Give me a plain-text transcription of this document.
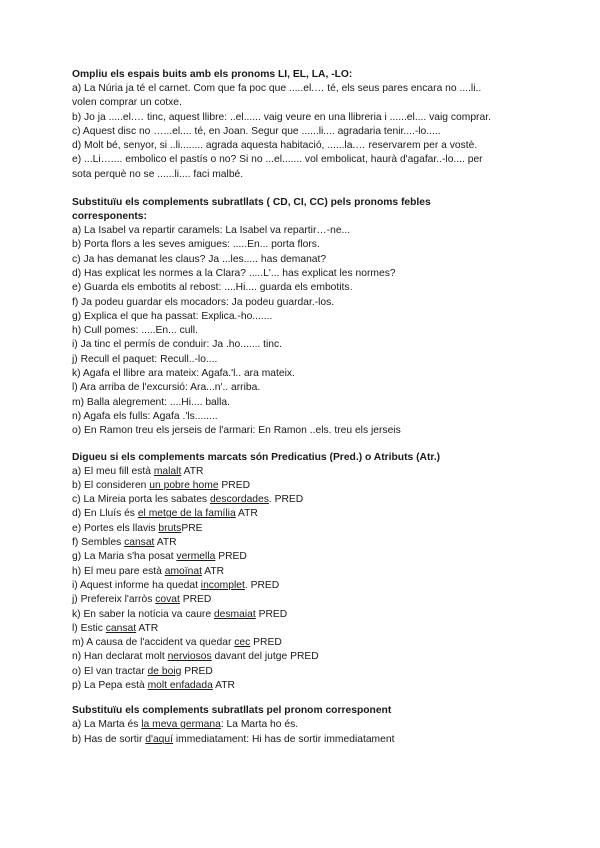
Ompliu els espais buits amb els pronoms LI, EL, LA, -LO:

a) La Núria ja té el carnet. Com que fa poc que .....el.… té, els seus pares encara no ....li..

volen comprar un cotxe.

b) Jo ja .....el.… tinc, aquest llibre: ..el...... vaig veure en una llibreria i ......el.... vaig comprar.

c) Aquest disc no …...el.... té, en Joan. Segur que ......li.... agradaria tenir....-lo.....

d) Molt bé, senyor, si ..li........ agrada aquesta habitació, ......la.… reservarem per a vostè.

e) ...Li….... embolico el pastís o no? Si no ...el....... vol embolicat, haurà d'agafar..-lo.... per

sota perquè no se ......li.... faci malbé.

Substituïu els complements subratllats ( CD, CI, CC) pels pronoms febles

corresponents:

a) La Isabel va repartir caramels: La Isabel va repartir…-ne...

b) Porta flors a les seves amigues: .....En... porta flors.

c) Ja has demanat les claus? Ja ...les..... has demanat?

d) Has explicat les normes a la Clara? .....L'... has explicat les normes?

e) Guarda els embotits al rebost: ....Hi.... guarda els embotits.

f) Ja podeu guardar els mocadors: Ja podeu guardar.-los.

g) Explica el que ha passat: Explica.-ho.......

h) Cull pomes: .....En... cull.

i) Ja tinc el permís de conduir: Ja .ho....... tinc.

j) Recull el paquet: Recull..-lo....

k) Agafa el llibre ara mateix: Agafa.'l.. ara mateix.

l) Ara arriba de l'excursió: Ara...n'.. arriba.

m) Balla alegrement: ....Hi.... balla.

n) Agafa els fulls: Agafa .'ls........

o) En Ramon treu els jerseis de l'armari: En Ramon ..els. treu els jerseis

Digueu si els complements marcats són Predicatius (Pred.) o Atributs (Atr.)

a) El meu fill està malalt ATR

b) El consideren un pobre home PRED

c) La Mireia porta les sabates descordades. PRED

d) En Lluís és el metge de la família ATR

e) Portes els llavis brutsPRE

f) Sembles cansat ATR

g) La Maria s'ha posat vermella PRED

h) El meu pare està amoïnat ATR

i) Aquest informe ha quedat incomplet. PRED

j) Prefereix l'arròs covat PRED

k) En saber la notícia va caure desmaiat PRED

l) Estic cansat ATR

m) A causa de l'accident va quedar cec PRED

n) Han declarat molt nerviosos davant del jutge PRED

o) El van tractar de boig PRED

p) La Pepa està molt enfadada ATR

Substituïu els complements subratllats pel pronom corresponent

a) La Marta és la meva germana: La Marta ho és.

b) Has de sortir d'aquí immediatament: Hi has de sortir immediatament
